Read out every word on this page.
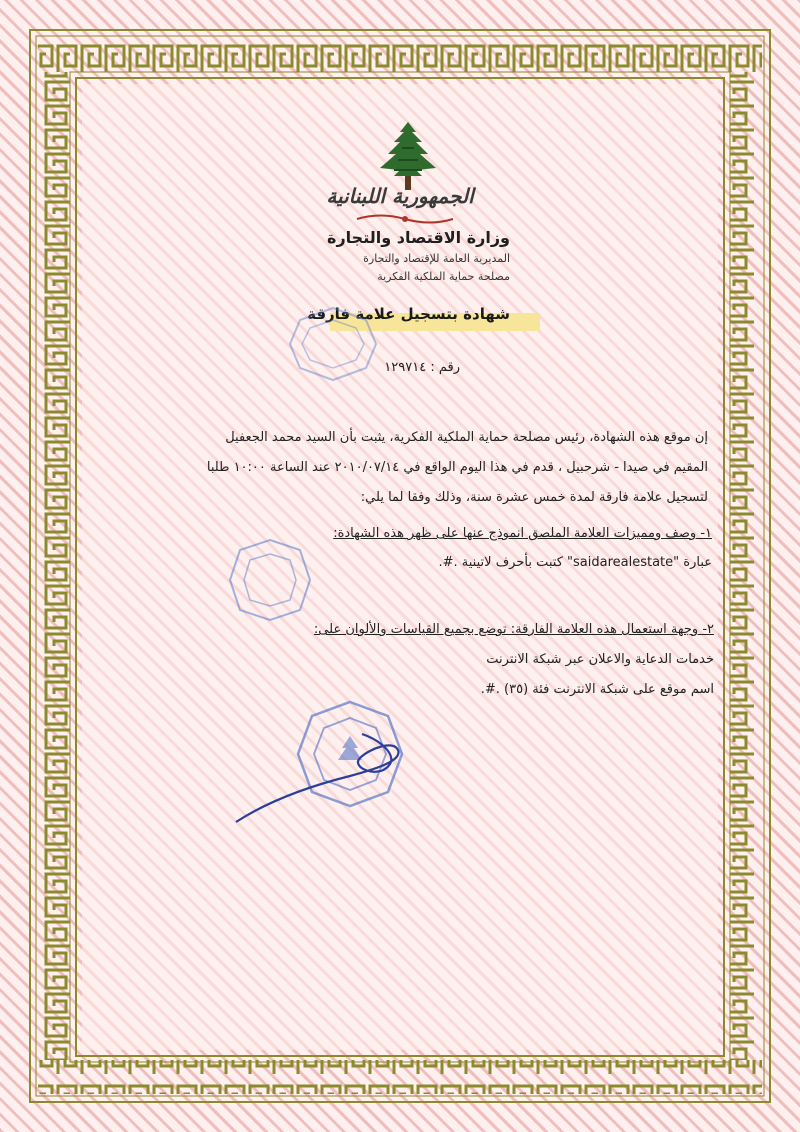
الجمهورية اللبنانية
وزارة الاقتصاد والتجارة
المديرية العامة للإقتصاد والتجارة
مصلحة حماية الملكية الفكرية
شهادة بتسجيل علامة فارقة
رقم : ١٢٩٧١٤
إن موقع هذه الشهادة، رئيس مصلحة حماية الملكية الفكرية، يثبت بأن السيد محمد الجعفيل
المقيم في صيدا - شرحبيل ، قدم في هذا اليوم الواقع في ٢٠١٠/٠٧/١٤ عند الساعة ١٠:٠٠ طلبا
لتسجيل علامة فارقة لمدة خمس عشرة سنة، وذلك وفقا لما يلي:
١- وصف ومميزات العلامة الملصق انموذج عنها على ظهر هذه الشهادة:
عبارة "saidarealestate" كتبت بأحرف لاتينية .#.
٢- وجهة استعمال هذه العلامة الفارقة: توضع بجميع القياسات والألوان على:
خدمات الدعاية والاعلان عبر شبكة الانترنت
اسم موقع على شبكة الانترنت فئة (٣٥) .#.
